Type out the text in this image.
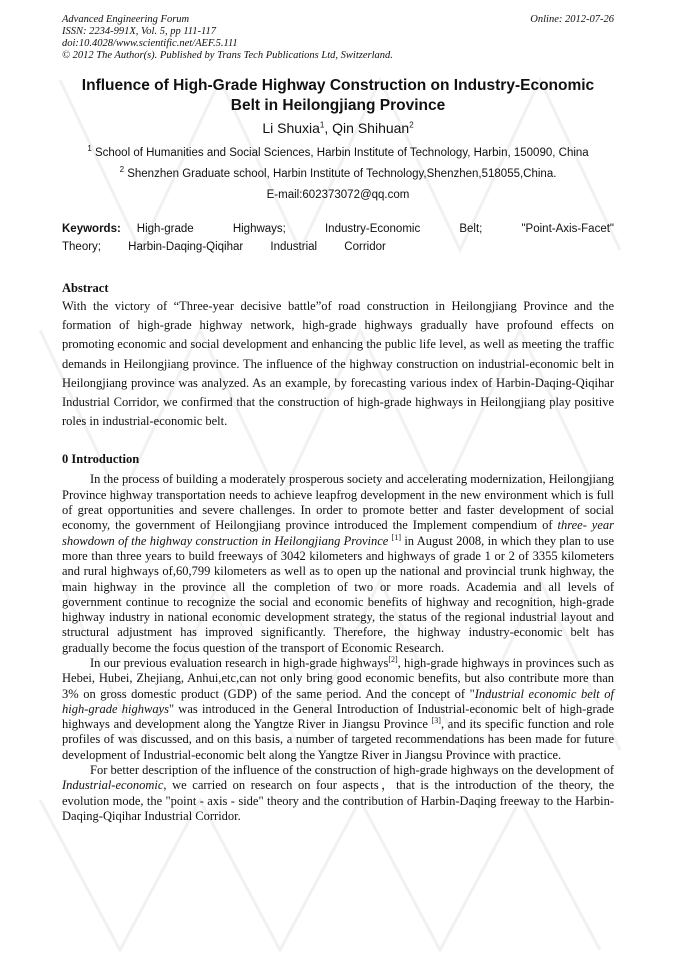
Advanced Engineering Forum
ISSN: 2234-991X, Vol. 5, pp 111-117
doi:10.4028/www.scientific.net/AEF.5.111
© 2012 The Author(s). Published by Trans Tech Publications Ltd, Switzerland.
Online: 2012-07-26
Influence of High-Grade Highway Construction on Industry-Economic
Belt in Heilongjiang Province
Li Shuxia$^1$, Qin Shihuan$^2$
$^1$ School of Humanities and Social Sciences, Harbin Institute of Technology, Harbin, 150090, China
$^2$ Shenzhen Graduate school, Harbin Institute of Technology,Shenzhen,518055,China.
E-mail:602373072@qq.com
Keywords: High-grade Highways; Industry-Economic Belt; "Point-Axis-Facet" Theory; Harbin-Daqing-Qiqihar Industrial Corridor
Abstract

With the victory of “Three-year decisive battle”of road construction in Heilongjiang Province and the formation of high-grade highway network, high-grade highways gradually have profound effects on promoting economic and social development and enhancing the public life level, as well as meeting the traffic demands in Heilongjiang province. The influence of the highway construction on industrial-economic belt in Heilongjiang province was analyzed. As an example, by forecasting various index of Harbin-Daqing-Qiqihar Industrial Corridor, we confirmed that the construction of high-grade highways in Heilongjiang play positive roles in industrial-economic belt.

0 Introduction

In the process of building a moderately prosperous society and accelerating modernization, Heilongjiang Province highway transportation needs to achieve leapfrog development in the new environment which is full of great opportunities and severe challenges. In order to promote better and faster development of social economy, the government of Heilongjiang province introduced the Implement compendium of three- year showdown of the highway construction in Heilongjiang Province [1] in August 2008, in which they plan to use more than three years to build freeways of 3042 kilometers and highways of grade 1 or 2 of 3355 kilometers and rural highways of,60,799 kilometers as well as to open up the national and provincial trunk highway, the main highway in the province all the completion of two or more roads. Academia and all levels of government continue to recognize the social and economic benefits of highway and recognition, high-grade highway industry in national economic development strategy, the status of the regional industrial layout and structural adjustment has improved significantly. Therefore, the highway industry-economic belt has gradually become the focus question of the transport of Economic Research.

In our previous evaluation research in high-grade highways[2], high-grade highways in provinces such as Hebei, Hubei, Zhejiang, Anhui,etc,can not only bring good economic benefits, but also contribute more than 3% on gross domestic product (GDP) of the same period. And the concept of "Industrial economic belt of high-grade highways" was introduced in the General Introduction of Industrial-economic belt of high-grade highways and development along the Yangtze River in Jiangsu Province [3], and its specific function and role profiles of was discussed, and on this basis, a number of targeted recommendations has been made for future development of Industrial-economic belt along the Yangtze River in Jiangsu Province with practice.

For better description of the influence of the construction of high-grade highways on the development of Industrial-economic, we carried on research on four aspects，that is the introduction of the theory, the evolution mode, the "point - axis - side" theory and the contribution of Harbin-Daqing freeway to the Harbin-Daqing-Qiqihar Industrial Corridor.
